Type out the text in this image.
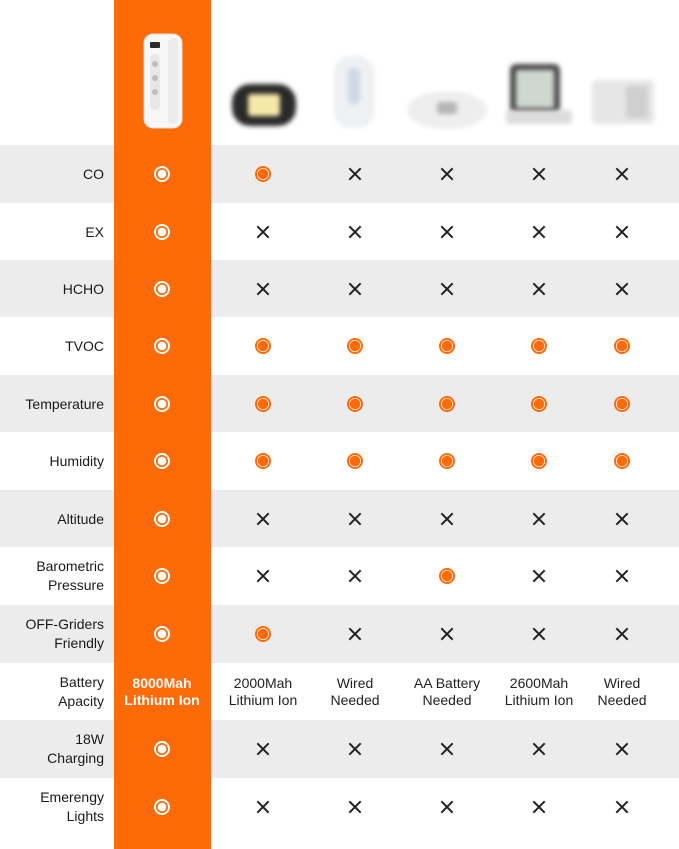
CO
EX
HCHO
TVOC
Temperature
Humidity
Altitude
Barometric
Pressure
OFF-Griders
Friendly
Battery
Apacity
2000Mah
Lithium Ion
Wired
Needed
AA Battery
Needed
2600Mah
Lithium Ion
Wired
Needed
18W
Charging
Emerengy
Lights
8000Mah
Lithium Ion
